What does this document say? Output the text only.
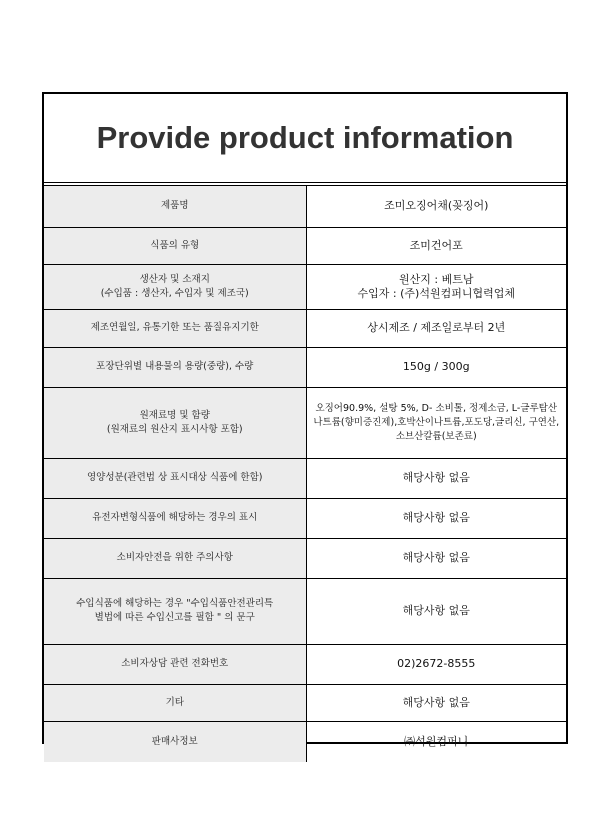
Provide product information
제품명	조미오징어채(꽂징어)

식품의 유형	조미건어포

생산자 및 소재지
(수입품 : 생산자, 수입자 및 제조국)	원산지 : 베트남
수입자 : (주)석원컴퍼니협력업체

제조연월일, 유통기한 또는 품질유지기한	상시제조 / 제조일로부터 2년

포장단위별 내용물의 용량(중량), 수량	150g / 300g

원재료명 및 함량
(원재료의 원산지 표시사항 포함)	오징어90.9%, 설탕 5%, D- 소비톨, 정제소금, L-글루탐산나트륨(향미증진제),호박산이나트륨,포도당,글리신, 구연산, 소브산칼륨(보존료)

영양성분(관련법 상 표시대상 식품에 한함)	해당사항 없음

유전자변형식품에 해당하는 경우의 표시	해당사항 없음

소비자안전을 위한 주의사항	해당사항 없음

수입식품에 해당하는 경우 "수입식품안전관리특
별법에 따른 수입신고를 필함 " 의 문구	해당사항 없음

소비자상담 관련 전화번호	02)2672-8555

기타	해당사항 없음

판매사정보	㈜석원컴퍼니
